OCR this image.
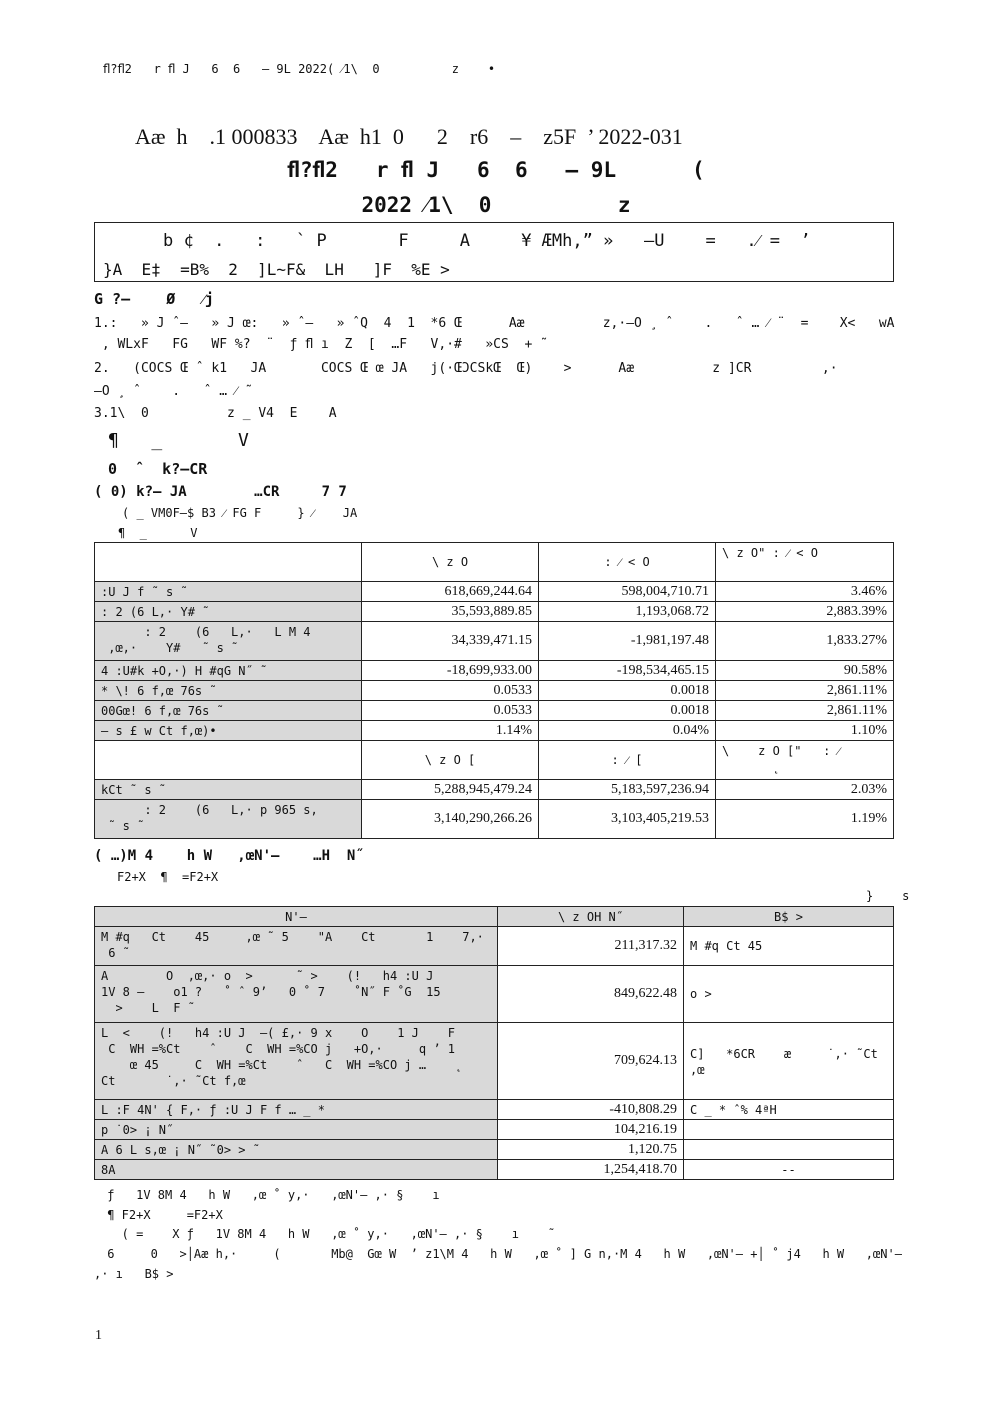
ﬂ?ﬂ2   r ﬂ J   6  6   – 9L 2022( ⁄1\  0          z    •
Aæ  h    .1 000833    Aæ  h1  0      2    r6    –    z5F  ’ 2022-031
ﬂ?ﬂ2   r ﬂ J   6  6   – 9L      (
2022 ⁄1\  0          z
b ¢  .   :   ` P       F     A     ¥ ÆMh,” »   –U    =   .⁄ =  ’
}A  E‡  =B%  2  ]L~F&  LH   ]F  %E >
G ?–    Ø   ⁄j
1.:   » J ˆ–   » J œ:   » ˆ–   » ˆQ  4  1  *6 Œ      Aæ          z,·–O ¸ ˆ    .   ˆ … ⁄ ¨  =    X<   wA
, WLxF   FG   WF %?  ¨  ƒ ﬂ ı  Z  [  …F   V,·#   »CS  + ˜
2.   (COCS Œ ˆ k1   JA       COCS Œ œ JA   j(·ŒƆCSkŒ  Œ)    >      Aæ          z ]CR         ,·
–O ¸ ˆ    .   ˆ … ⁄ ˜
3.1\  0          z _ V4  E    A
¶   _       V
0  ˆ  k?–CR
( 0) k?– JA        …CR     7 7
( _ VM0F–$ B3 ⁄ FG F     } ⁄    JA
¶  _      V
	\ z O	: ⁄ < O	\ z O" : ⁄ < O
:U J f ˜ s ˜	618,669,244.64	598,004,710.71	3.46%
: 2 (6 L,· Y# ˜	35,593,889.85	1,193,068.72	2,883.39%
: 2    (6   L,·   L M 4
,œ,·    Y#   ˜ s ˜	34,339,471.15	-1,981,197.48	1,833.27%
4 :U#k +O,·) H #qG N˝ ˜	-18,699,933.00	-198,534,465.15	90.58%
* \! 6 f,œ 76s ˜	0.0533	0.0018	2,861.11%
00Gœ! 6 f,œ 76s ˜	0.0533	0.0018	2,861.11%
– s £ w Ct f,œ)•	1.14%	0.04%	1.10%
	\ z O [	: ⁄ [	\    z O ["   : ⁄
˛
kCt ˜ s ˜	5,288,945,479.24	5,183,597,236.94	2.03%
: 2    (6   L,· p 965 s,
˜ s ˜	3,140,290,266.26	3,103,405,219.53	1.19%
( …)M 4    h W   ,œN'–    …H  N˝
F2+X  ¶  =F2+X
}    s
N'–	\ z OH N˝	B$ >
M #q   Ct    45     ,œ ˜ 5    "A    Ct       1    7,·
6 ˜	211,317.32	M #q Ct 45
A        O  ,œ,· o  >      ˜ >    (!   h4 :U J
1V 8 –    o1 ?   ˚ ˆ 9’   0 ˚ 7    ˚N˝ F ˚G  15
>    L  F ˜	849,622.48	o >
L  <    (!   h4 :U J  –( £,· 9 x    O    1 J    F
C  WH =%Ct    ˆ    C  WH =%CO j   +O,·     q ’ 1
œ 45     C  WH =%Ct    ˆ   C  WH =%CO j …    ˛
Ct       ˙,· ˜Ct f,œ	709,624.13	C]   *6CR    æ     ˙,· ˜Ct
,œ
L :F 4N' { F,· ƒ :U J F f … _ *	-410,808.29	C _ * ˆ% 4ªH
p ˙0> ¡ N˝	104,216.19	
A 6 L s,œ ¡ N˝ ˜0> > ˜	1,120.75	
8A	1,254,418.70	--
ƒ   1V 8M 4   h W   ,œ ˚ y,·   ,œN'– ,· §    ı
¶ F2+X     =F2+X
( =    X ƒ   1V 8M 4   h W   ,œ ˚ y,·   ,œN'– ,· §    ı    ˜
6     0   >│Aæ h,·     (       Mb@  Gœ W  ’ z1\M 4   h W   ,œ ˚ ] G n,·M 4   h W   ,œN'– +│ ˚ j4   h W   ,œN'–
,· ı   B$ >
1
